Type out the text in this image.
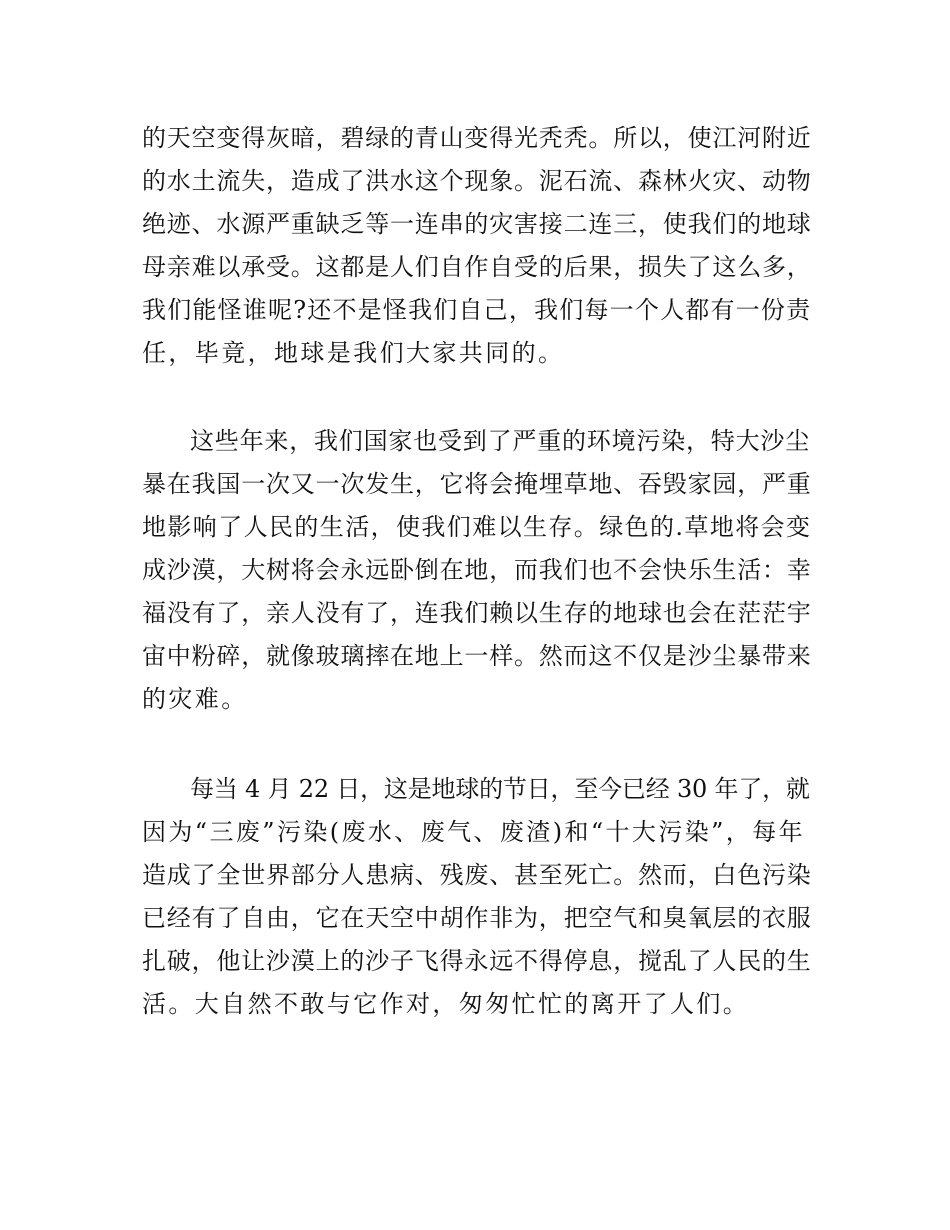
的天空变得灰暗，碧绿的青山变得光秃秃。所以，使江河附近
的水土流失，造成了洪水这个现象。泥石流、森林火灾、动物
绝迹、水源严重缺乏等一连串的灾害接二连三，使我们的地球
母亲难以承受。这都是人们自作自受的后果，损失了这么多，
我们能怪谁呢?还不是怪我们自己，我们每一个人都有一份责
任，毕竟，地球是我们大家共同的。
这些年来，我们国家也受到了严重的环境污染，特大沙尘
暴在我国一次又一次发生，它将会掩埋草地、吞毁家园，严重
地影响了人民的生活，使我们难以生存。绿色的.草地将会变
成沙漠，大树将会永远卧倒在地，而我们也不会快乐生活：幸
福没有了，亲人没有了，连我们赖以生存的地球也会在茫茫宇
宙中粉碎，就像玻璃摔在地上一样。然而这不仅是沙尘暴带来
的灾难。
每当 4 月 22 日，这是地球的节日，至今已经 30 年了，就
因为“三废”污染(废水、废气、废渣)和“十大污染”，每年
造成了全世界部分人患病、残废、甚至死亡。然而，白色污染
已经有了自由，它在天空中胡作非为，把空气和臭氧层的衣服
扎破，他让沙漠上的沙子飞得永远不得停息，搅乱了人民的生
活。大自然不敢与它作对，匆匆忙忙的离开了人们。
